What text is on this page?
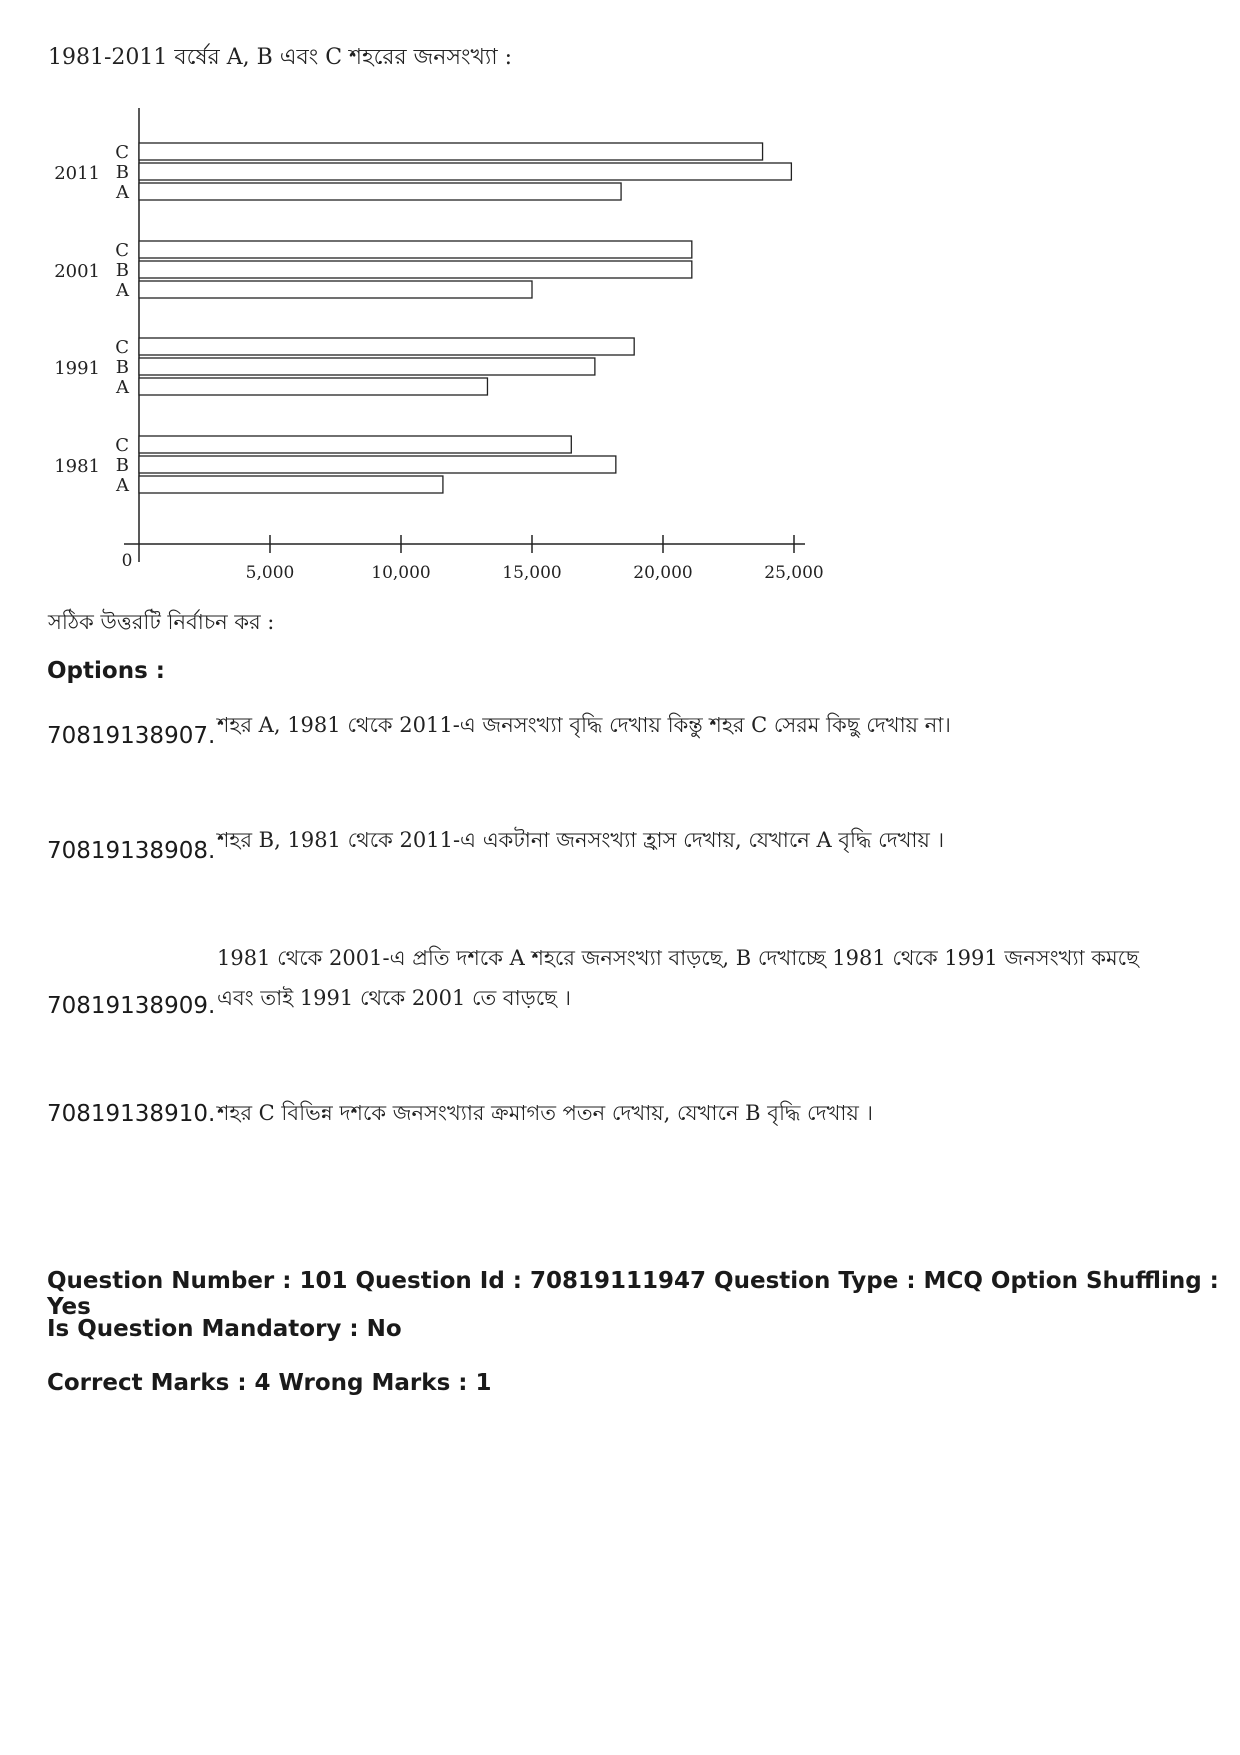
1981-2011 বর্ষের A, B এবং C শহরের জনসংখ্যা :
0
5,000	10,000	15,000	20,000	25,000
C
B
A
2011
C
B
A
2001
C
B
A
1991
C
B
A
1981
সঠিক উত্তরটি নির্বাচন কর :
Options :
70819138907. শহর A, 1981 থেকে 2011-এ জনসংখ্যা বৃদ্ধি দেখায় কিন্তু শহর C সেরম কিছু দেখায় না।
70819138908. শহর B, 1981 থেকে 2011-এ একটানা জনসংখ্যা হ্রাস দেখায়, যেখানে A বৃদ্ধি দেখায় ।
70819138909.
1981 থেকে 2001-এ প্রতি দশকে A শহরে জনসংখ্যা বাড়ছে, B দেখাচ্ছে 1981 থেকে 1991 জনসংখ্যা কমছে এবং তাই 1991 থেকে 2001 তে বাড়ছে ।
70819138910. শহর C বিভিন্ন দশকে জনসংখ্যার ক্রমাগত পতন দেখায়, যেখানে B বৃদ্ধি দেখায় ।
Question Number : 101 Question Id : 70819111947 Question Type : MCQ Option Shuffling : Yes
Is Question Mandatory : No
Correct Marks : 4 Wrong Marks : 1
